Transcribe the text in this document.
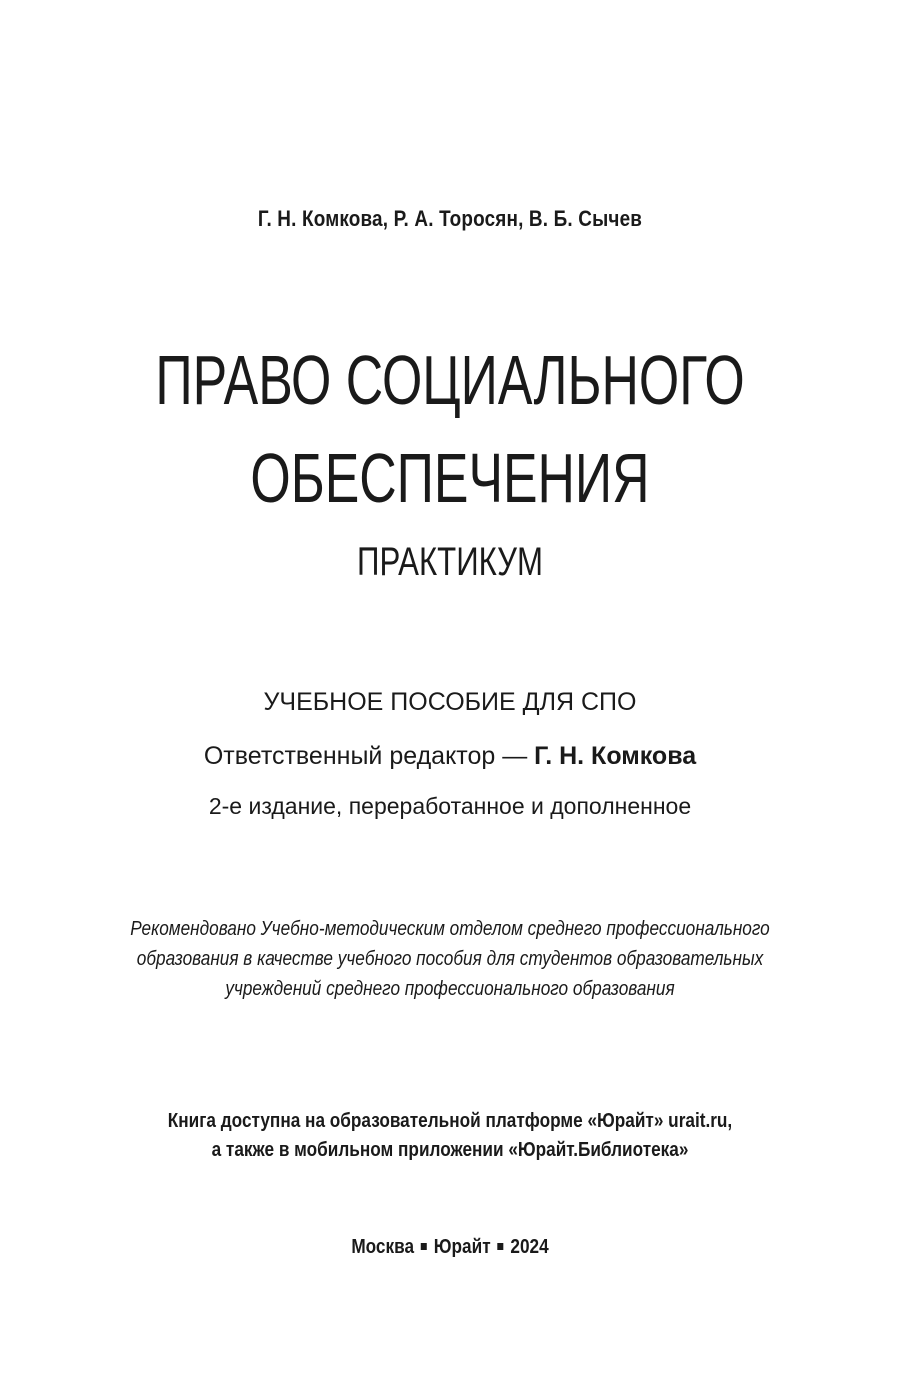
Г. Н. Комкова, Р. А. Торосян, В. Б. Сычев
ПРАВО СОЦИАЛЬНОГО
ОБЕСПЕЧЕНИЯ
ПРАКТИКУМ
УЧЕБНОЕ ПОСОБИЕ ДЛЯ СПО
Ответственный редактор — Г. Н. Комкова
2-е издание, переработанное и дополненное
Рекомендовано Учебно-методическим отделом среднего профессионального
образования в качестве учебного пособия для студентов образовательных
учреждений среднего профессионального образования
Книга доступна на образовательной платформе «Юрайт» urait.ru,
а также в мобильном приложении «Юрайт.Библиотека»
Москва Юрайт 2024
